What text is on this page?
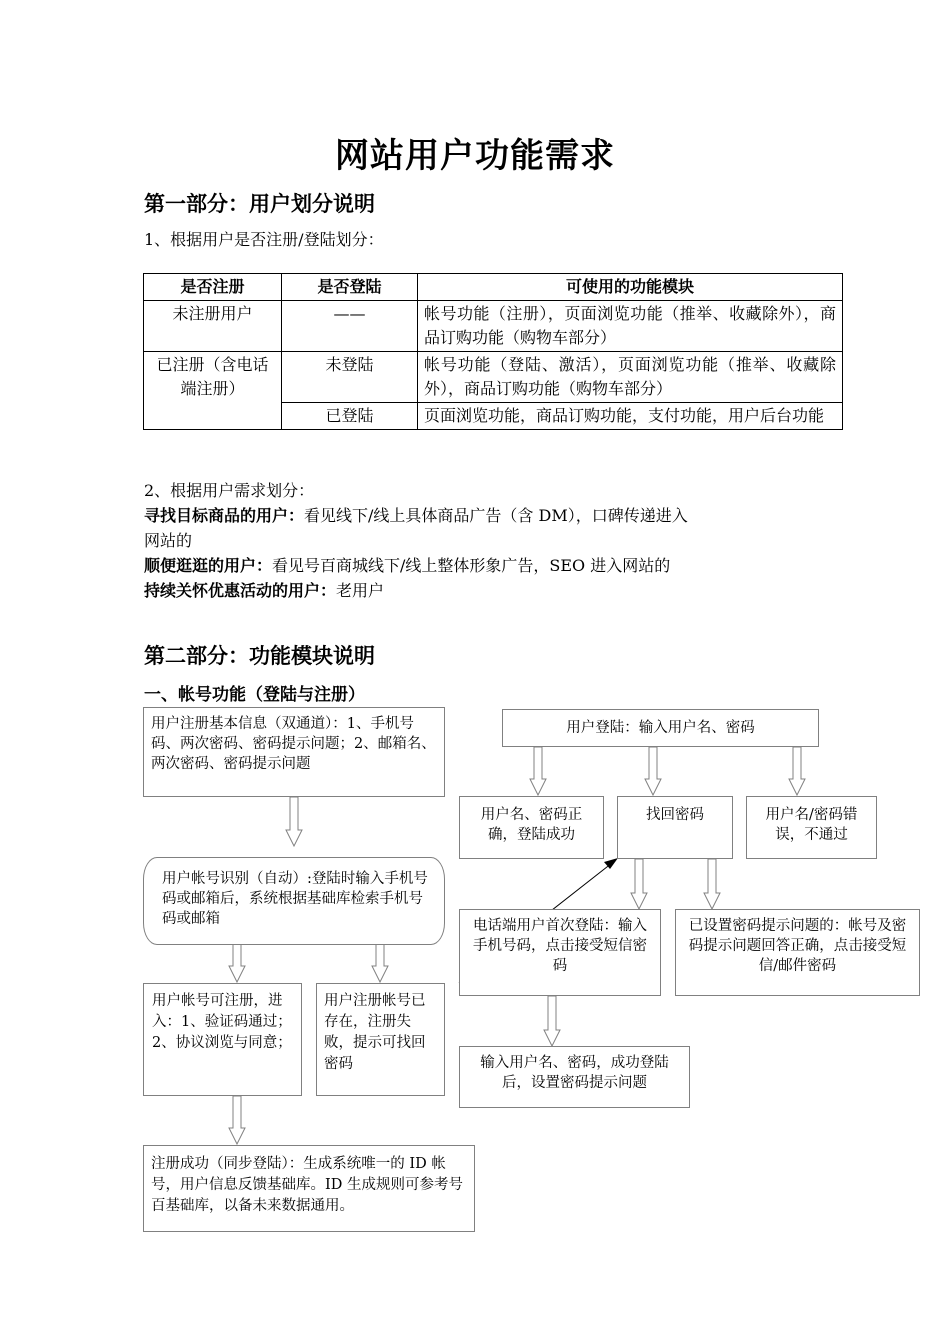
网站用户功能需求
第一部分：用户划分说明
1、根据用户是否注册/登陆划分：
是否注册	是否登陆	可使用的功能模块
未注册用户	——	帐号功能（注册），页面浏览功能（推举、收藏除外），商品订购功能（购物车部分）
已注册（含电话端注册）	未登陆	帐号功能（登陆、激活），页面浏览功能（推举、收藏除外），商品订购功能（购物车部分）
	已登陆	页面浏览功能，商品订购功能，支付功能，用户后台功能
2、根据用户需求划分：
寻找目标商品的用户：看见线下/线上具体商品广告（含 DM），口碑传递进入
网站的
顺便逛逛的用户：看见号百商城线下/线上整体形象广告，SEO 进入网站的
持续关怀优惠活动的用户：老用户
第二部分：功能模块说明
一、帐号功能（登陆与注册）
用户注册基本信息（双通道）：1、手机号码、两次密码、密码提示问题；2、邮箱名、两次密码、密码提示问题
用户帐号识别（自动）:登陆时输入手机号码或邮箱后，系统根据基础库检索手机号码或邮箱
用户帐号可注册，进入：1、验证码通过；2、协议浏览与同意；
用户注册帐号已存在，注册失败，提示可找回密码
注册成功（同步登陆）：生成系统唯一的 ID 帐号，用户信息反馈基础库。ID 生成规则可参考号百基础库，以备未来数据通用。
用户登陆：输入用户名、密码
用户名、密码正确，登陆成功
找回密码	用户名/密码错误，不通过
电话端用户首次登陆：输入手机号码，点击接受短信密码
已设置密码提示问题的：帐号及密码提示问题回答正确，点击接受短信/邮件密码
输入用户名、密码，成功登陆后，设置密码提示问题
